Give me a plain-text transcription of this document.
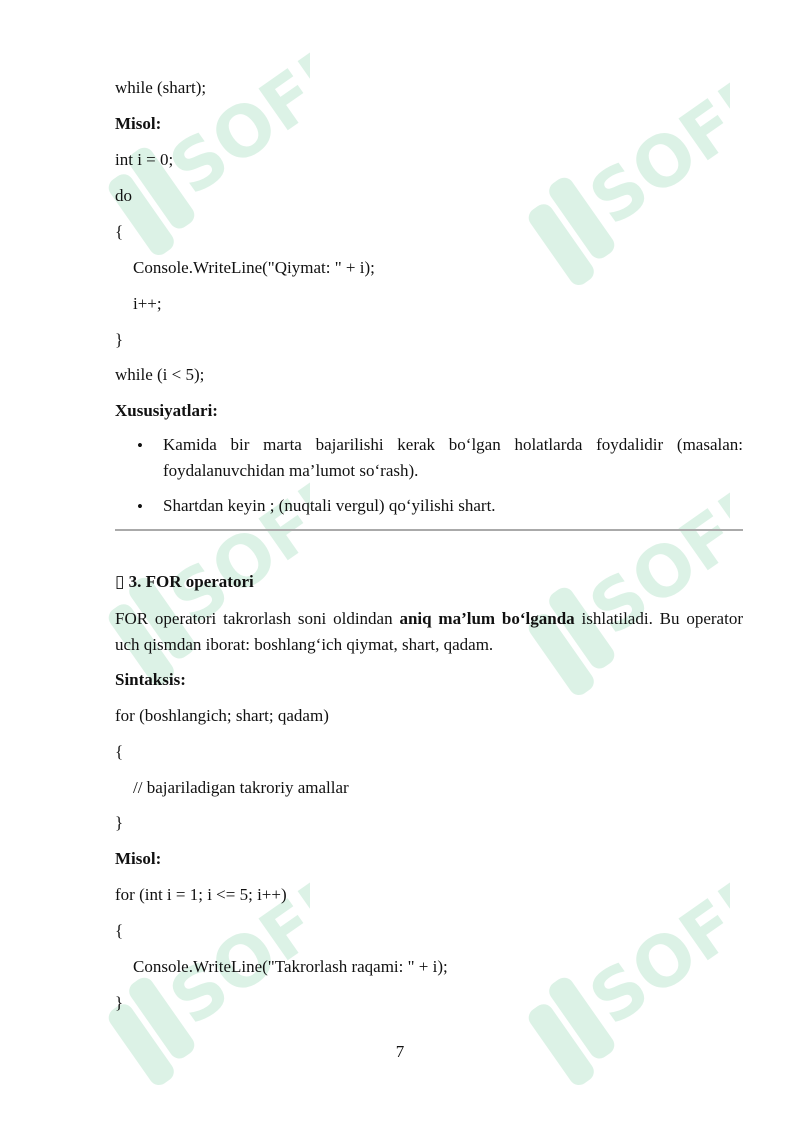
SOFF	SOFF
SOFF	SOFF
SOFF	SOFF
while (shart);
Misol:
int i = 0;
do
{
Console.WriteLine("Qiymat: " + i);
i++;
}
while (i < 5);
Xususiyatlari:
• Kamida bir marta bajarilishi kerak bo‘lgan holatlarda foydalidir (masalan: foydalanuvchidan ma’lumot so‘rash).
• Shartdan keyin ; (nuqtali vergul) qo‘yilishi shart.
▯ 3. FOR operatori
FOR operatori takrorlash soni oldindan aniq ma’lum bo‘lganda ishlatiladi. Bu operator uch qismdan iborat: boshlang‘ich qiymat, shart, qadam.
Sintaksis:
for (boshlangich; shart; qadam)
{
// bajariladigan takroriy amallar
}
Misol:
for (int i = 1; i <= 5; i++)
{
Console.WriteLine("Takrorlash raqami: " + i);
}
7
